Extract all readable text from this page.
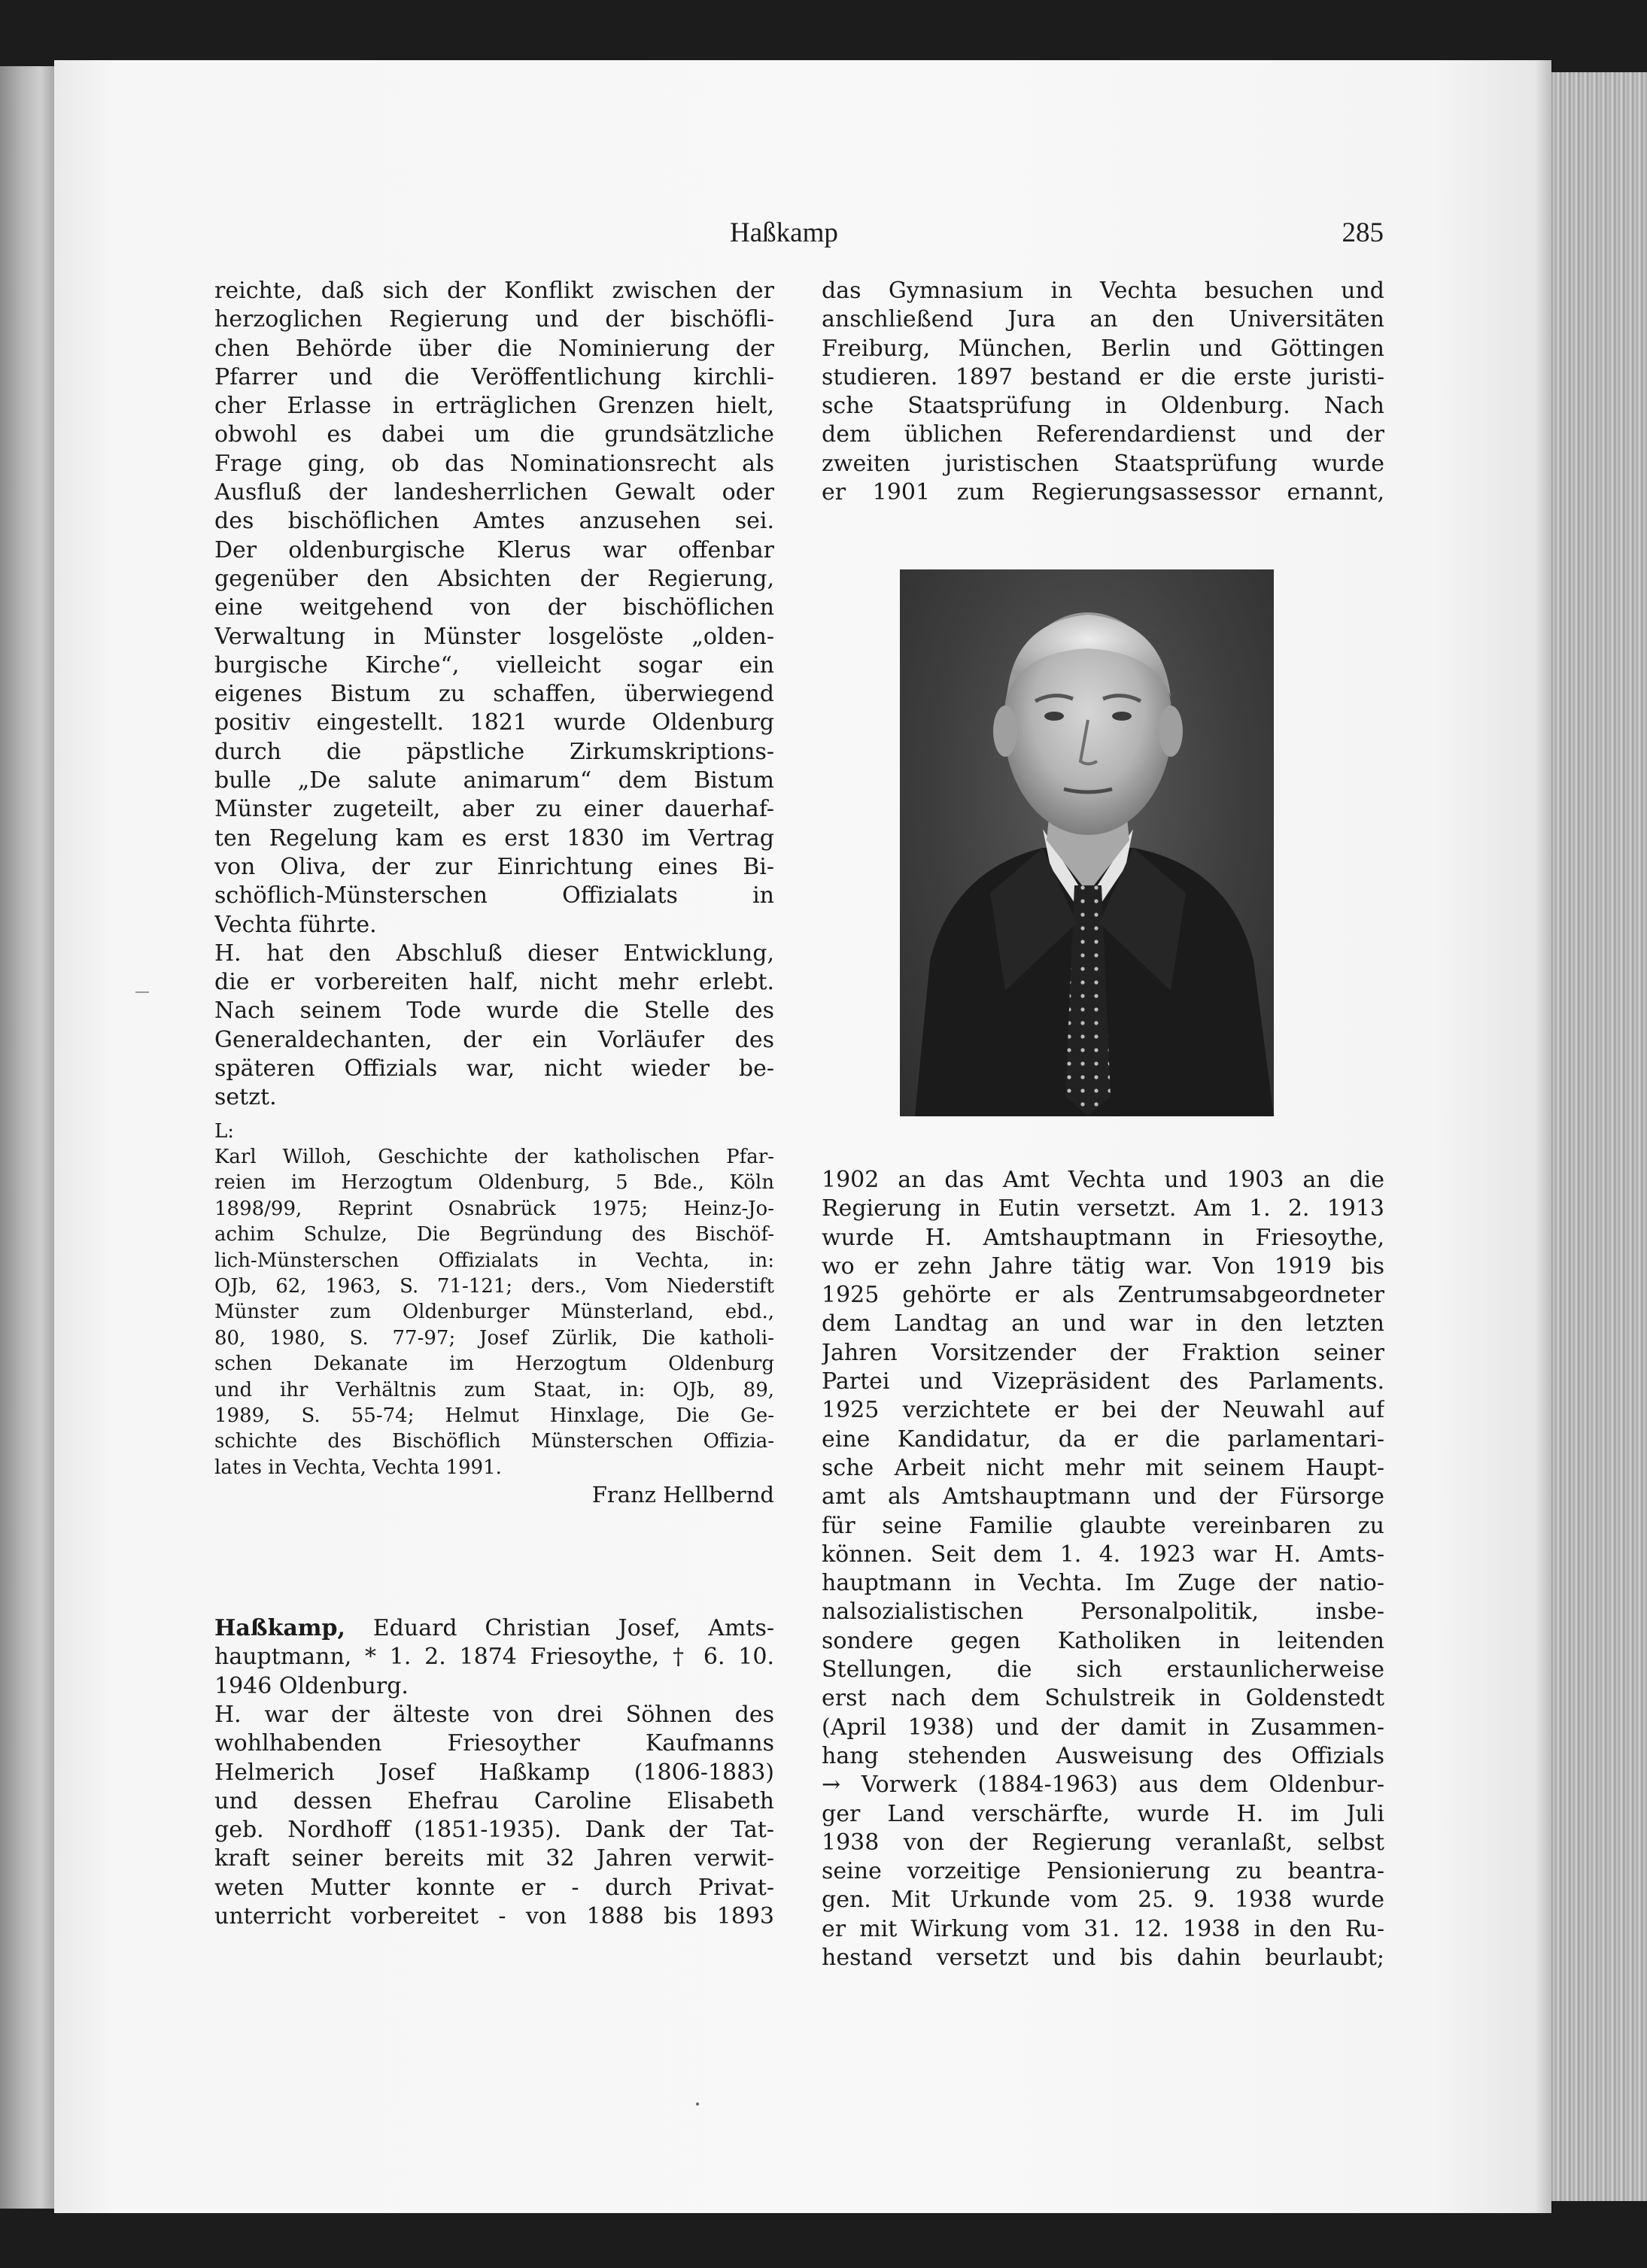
Haßkamp	285
reichte, daß sich der Konflikt zwischen der
herzoglichen Regierung und der bischöfli-
chen Behörde über die Nominierung der
Pfarrer und die Veröffentlichung kirchli-
cher Erlasse in erträglichen Grenzen hielt,
obwohl es dabei um die grundsätzliche
Frage ging, ob das Nominationsrecht als
Ausfluß der landesherrlichen Gewalt oder
des bischöflichen Amtes anzusehen sei.
Der oldenburgische Klerus war offenbar
gegenüber den Absichten der Regierung,
eine weitgehend von der bischöflichen
Verwaltung in Münster losgelöste „olden-
burgische Kirche“, vielleicht sogar ein
eigenes Bistum zu schaffen, überwiegend
positiv eingestellt. 1821 wurde Oldenburg
durch die päpstliche Zirkumskriptions-
bulle „De salute animarum“ dem Bistum
Münster zugeteilt, aber zu einer dauerhaf-
ten Regelung kam es erst 1830 im Vertrag
von Oliva, der zur Einrichtung eines Bi-
schöflich-Münsterschen Offizialats in
Vechta führte.
H. hat den Abschluß dieser Entwicklung,
die er vorbereiten half, nicht mehr erlebt.
Nach seinem Tode wurde die Stelle des
Generaldechanten, der ein Vorläufer des
späteren Offizials war, nicht wieder be-
setzt.
L:
Karl Willoh, Geschichte der katholischen Pfar-
reien im Herzogtum Oldenburg, 5 Bde., Köln
1898/99, Reprint Osnabrück 1975; Heinz-Jo-
achim Schulze, Die Begründung des Bischöf-
lich-Münsterschen Offizialats in Vechta, in:
OJb, 62, 1963, S. 71-121; ders., Vom Niederstift
Münster zum Oldenburger Münsterland, ebd.,
80, 1980, S. 77-97; Josef Zürlik, Die katholi-
schen Dekanate im Herzogtum Oldenburg
und ihr Verhältnis zum Staat, in: OJb, 89,
1989, S. 55-74; Helmut Hinxlage, Die Ge-
schichte des Bischöflich Münsterschen Offizia-
lates in Vechta, Vechta 1991.
Franz Hellbernd
Haßkamp, Eduard Christian Josef, Amts-
hauptmann, * 1. 2. 1874 Friesoythe, † 6. 10.
1946 Oldenburg.
H. war der älteste von drei Söhnen des
wohlhabenden Friesoyther Kaufmanns
Helmerich Josef Haßkamp (1806-1883)
und dessen Ehefrau Caroline Elisabeth
geb. Nordhoff (1851-1935). Dank der Tat-
kraft seiner bereits mit 32 Jahren verwit-
weten Mutter konnte er - durch Privat-
unterricht vorbereitet - von 1888 bis 1893
das Gymnasium in Vechta besuchen und
anschließend Jura an den Universitäten
Freiburg, München, Berlin und Göttingen
studieren. 1897 bestand er die erste juristi-
sche Staatsprüfung in Oldenburg. Nach
dem üblichen Referendardienst und der
zweiten juristischen Staatsprüfung wurde
er 1901 zum Regierungsassessor ernannt,
1902 an das Amt Vechta und 1903 an die
Regierung in Eutin versetzt. Am 1. 2. 1913
wurde H. Amtshauptmann in Friesoythe,
wo er zehn Jahre tätig war. Von 1919 bis
1925 gehörte er als Zentrumsabgeordneter
dem Landtag an und war in den letzten
Jahren Vorsitzender der Fraktion seiner
Partei und Vizepräsident des Parlaments.
1925 verzichtete er bei der Neuwahl auf
eine Kandidatur, da er die parlamentari-
sche Arbeit nicht mehr mit seinem Haupt-
amt als Amtshauptmann und der Fürsorge
für seine Familie glaubte vereinbaren zu
können. Seit dem 1. 4. 1923 war H. Amts-
hauptmann in Vechta. Im Zuge der natio-
nalsozialistischen Personalpolitik, insbe-
sondere gegen Katholiken in leitenden
Stellungen, die sich erstaunlicherweise
erst nach dem Schulstreik in Goldenstedt
(April 1938) und der damit in Zusammen-
hang stehenden Ausweisung des Offizials
→ Vorwerk (1884-1963) aus dem Oldenbur-
ger Land verschärfte, wurde H. im Juli
1938 von der Regierung veranlaßt, selbst
seine vorzeitige Pensionierung zu beantra-
gen. Mit Urkunde vom 25. 9. 1938 wurde
er mit Wirkung vom 31. 12. 1938 in den Ru-
hestand versetzt und bis dahin beurlaubt;
